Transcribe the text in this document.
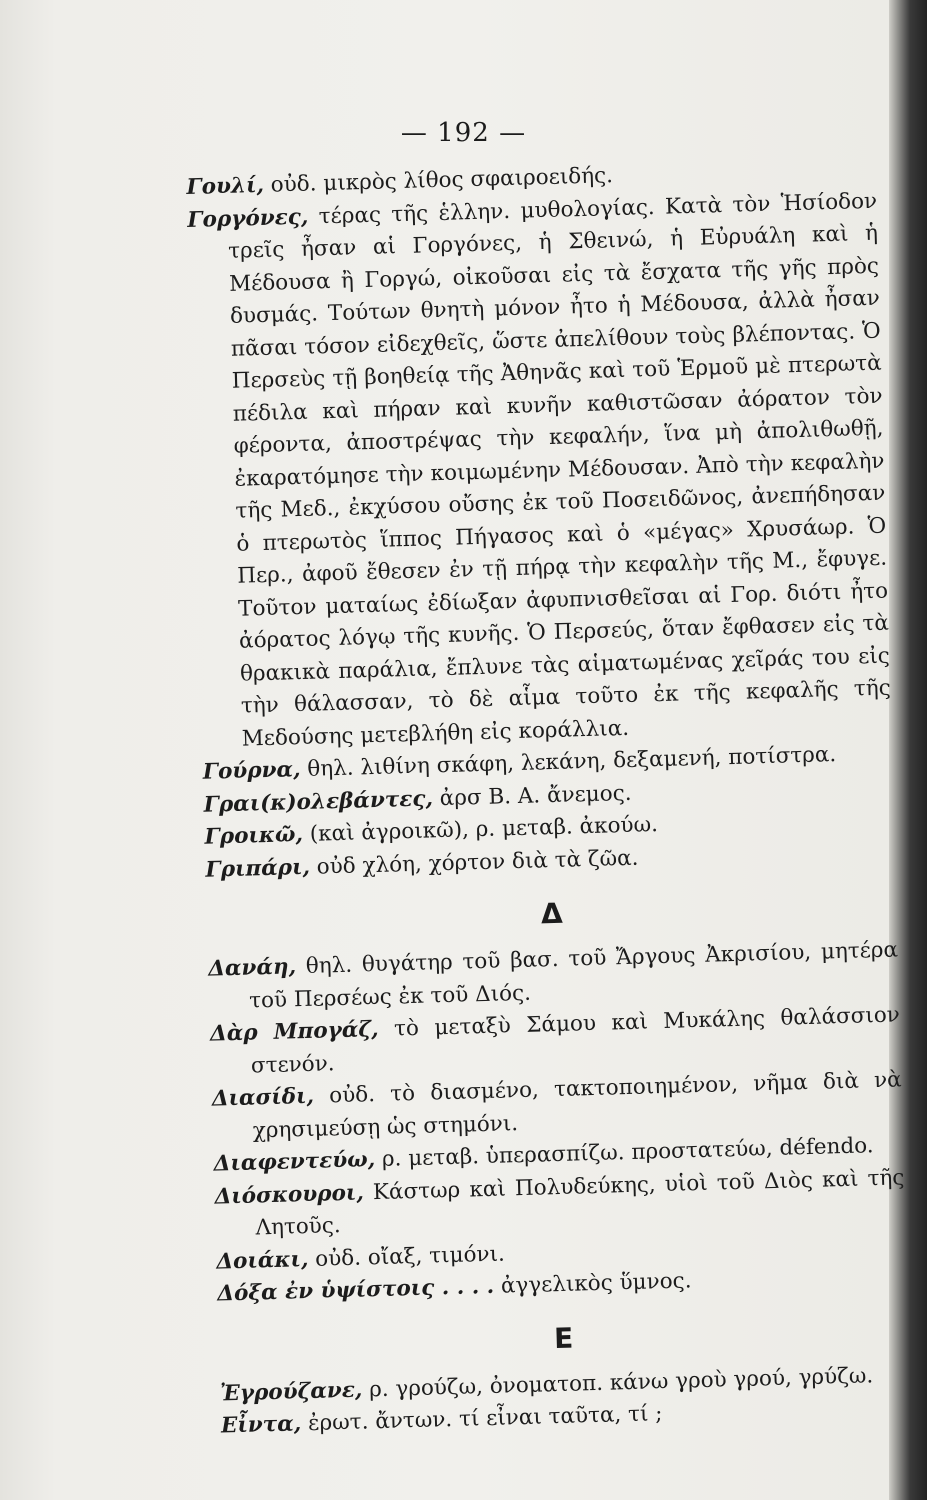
— 192 —

Γουλί, οὐδ. μικρὸς λίθος σφαιροειδής.

Γοργόνες, τέρας τῆς ἑλλην. μυθολογίας. Κατὰ τὸν Ἡσίοδον τρεῖς ἦσαν αἱ Γοργόνες, ἡ Σθεινώ, ἡ Εὐρυάλη καὶ ἡ Μέδουσα ἢ Γοργώ, οἰκοῦσαι εἰς τὰ ἔσχατα τῆς γῆς πρὸς δυσμάς. Τούτων θνητὴ μόνον ἦτο ἡ Μέδουσα, ἀλλὰ ἦσαν πᾶσαι τόσον εἰδεχθεῖς, ὥστε ἀπελίθουν τοὺς βλέποντας. Ὁ Περσεὺς τῇ βοηθείᾳ τῆς Ἀθηνᾶς καὶ τοῦ Ἑρμοῦ μὲ πτερωτὰ πέδιλα καὶ πήραν καὶ κυνῆν καθιστῶσαν ἀόρατον τὸν φέροντα, ἀποστρέψας τὴν κεφαλήν, ἵνα μὴ ἀπολιθωθῇ, ἐκαρατόμησε τὴν κοιμωμένην Μέδουσαν. Ἀπὸ τὴν κεφαλὴν τῆς Μεδ., ἐκχύσου οὔσης ἐκ τοῦ Ποσειδῶνος, ἀνεπήδησαν ὁ πτερωτὸς ἵππος Πήγασος καὶ ὁ «μέγας» Χρυσάωρ. Ὁ Περ., ἀφοῦ ἔθεσεν ἐν τῇ πήρᾳ τὴν κεφαλὴν τῆς Μ., ἔφυγε. Τοῦτον ματαίως ἐδίωξαν ἀφυπνισθεῖσαι αἱ Γορ. διότι ἦτο ἀόρατος λόγῳ τῆς κυνῆς. Ὁ Περσεύς, ὅταν ἔφθασεν εἰς τὰ θρακικὰ παράλια, ἔπλυνε τὰς αἱματωμένας χεῖράς του εἰς τὴν θάλασσαν, τὸ δὲ αἷμα τοῦτο ἐκ τῆς κεφαλῆς τῆς Μεδούσης μετεβλήθη εἰς κοράλλια.

Γούρνα, θηλ. λιθίνη σκάφη, λεκάνη, δεξαμενή, ποτίστρα.

Γραι(κ)ολεβάντες, ἀρσ Β. Α. ἄνεμος.

Γροικῶ, (καὶ ἀγροικῶ), ρ. μεταβ. ἀκούω.

Γριπάρι, οὐδ χλόη, χόρτον διὰ τὰ ζῶα.

Δ

Δανάη, θηλ. θυγάτηρ τοῦ βασ. τοῦ Ἄργους Ἀκρισίου, μητέρα τοῦ Περσέως ἐκ τοῦ Διός.

Δὰρ Μπογάζ, τὸ μεταξὺ Σάμου καὶ Μυκάλης θαλάσσιον στενόν.

Διασίδι, οὐδ. τὸ διασμένο, τακτοποιημένον, νῆμα διὰ νὰ χρησιμεύσῃ ὡς στημόνι.

Διαφεντεύω, ρ. μεταβ. ὑπερασπίζω. προστατεύω, défendo.

Διόσκουροι, Κάστωρ καὶ Πολυδεύκης, υἱοὶ τοῦ Διὸς καὶ τῆς Λητοῦς.

Δοιάκι, οὐδ. οἴαξ, τιμόνι.

Δόξα ἐν ὑψίστοις . . . . ἀγγελικὸς ὕμνος.

Ε

Ἐγρούζανε, ρ. γρούζω, ὀνοματοπ. κάνω γροὺ γρού, γρύζω.

Εἶντα, ἐρωτ. ἄντων. τί εἶναι ταῦτα, τί ;
